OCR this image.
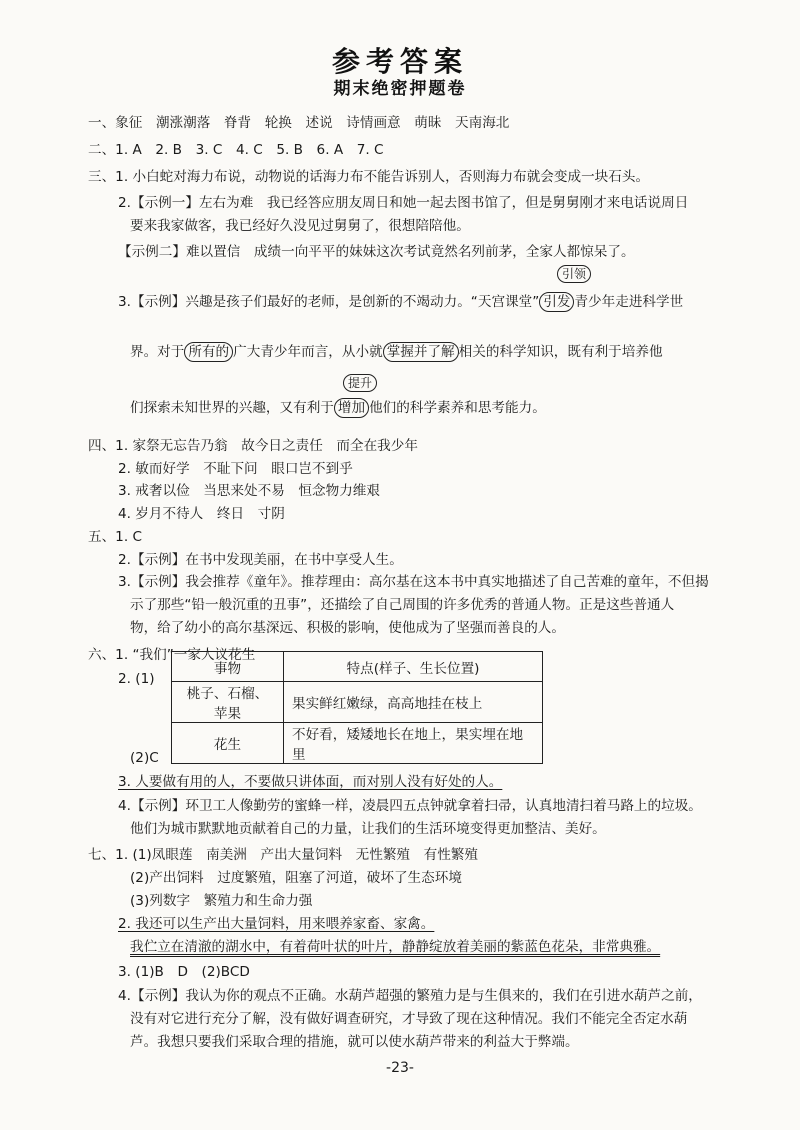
参考答案
期末绝密押题卷
一、象征　潮涨潮落　脊背　轮换　述说　诗情画意　萌昧　天南海北
二、1. A　2. B　3. C　4. C　5. B　6. A　7. C
三、1. 小白蛇对海力布说，动物说的话海力布不能告诉别人，否则海力布就会变成一块石头。
2.【示例一】左右为难　我已经答应朋友周日和她一起去图书馆了，但是舅舅刚才来电话说周日
要来我家做客，我已经好久没见过舅舅了，很想陪陪他。
【示例二】难以置信　成绩一向平平的妹妹这次考试竟然名列前茅，全家人都惊呆了。
引领
3.【示例】兴趣是孩子们最好的老师，是创新的不竭动力。“天宫课堂” 引发 青少年走进科学世
界。对于 所有的 广大青少年而言，从小就 掌握并了解 相关的科学知识，既有利于培养他
提升
们探索未知世界的兴趣，又有利于 增加 他们的科学素养和思考能力。
四、1. 家祭无忘告乃翁　故今日之责任　而全在我少年
2. 敏而好学　不耻下问　眼口岂不到乎
3. 戒奢以俭　当思来处不易　恒念物力维艰
4. 岁月不待人　终日　寸阴
五、1. C
2.【示例】在书中发现美丽，在书中享受人生。
3.【示例】我会推荐《童年》。推荐理由：高尔基在这本书中真实地描述了自己苦难的童年，不但揭
示了那些“铅一般沉重的丑事”，还描绘了自己周围的许多优秀的普通人物。正是这些普通人
物，给了幼小的高尔基深远、积极的影响，使他成为了坚强而善良的人。
六、1. “我们”一家人议花生
2. (1)
事物	特点(样子、生长位置)
桃子、石榴、苹果	果实鲜红嫩绿，高高地挂在枝上
花生	不好看，矮矮地长在地上，果实埋在地里
(2)C
3. 人要做有用的人，不要做只讲体面，而对别人没有好处的人。
4.【示例】环卫工人像勤劳的蜜蜂一样，凌晨四五点钟就拿着扫帚，认真地清扫着马路上的垃圾。
他们为城市默默地贡献着自己的力量，让我们的生活环境变得更加整洁、美好。
七、1. (1)凤眼莲　南美洲　产出大量饲料　无性繁殖　有性繁殖
(2)产出饲料　过度繁殖，阻塞了河道，破坏了生态环境
(3)列数字　繁殖力和生命力强
2. 我还可以生产出大量饲料，用来喂养家畜、家禽。
我伫立在清澈的湖水中，有着荷叶状的叶片，静静绽放着美丽的紫蓝色花朵，非常典雅。
3. (1)B　D　(2)BCD
4.【示例】我认为你的观点不正确。水葫芦超强的繁殖力是与生俱来的，我们在引进水葫芦之前，
没有对它进行充分了解，没有做好调查研究，才导致了现在这种情况。我们不能完全否定水葫
芦。我想只要我们采取合理的措施，就可以使水葫芦带来的利益大于弊端。
-23-
